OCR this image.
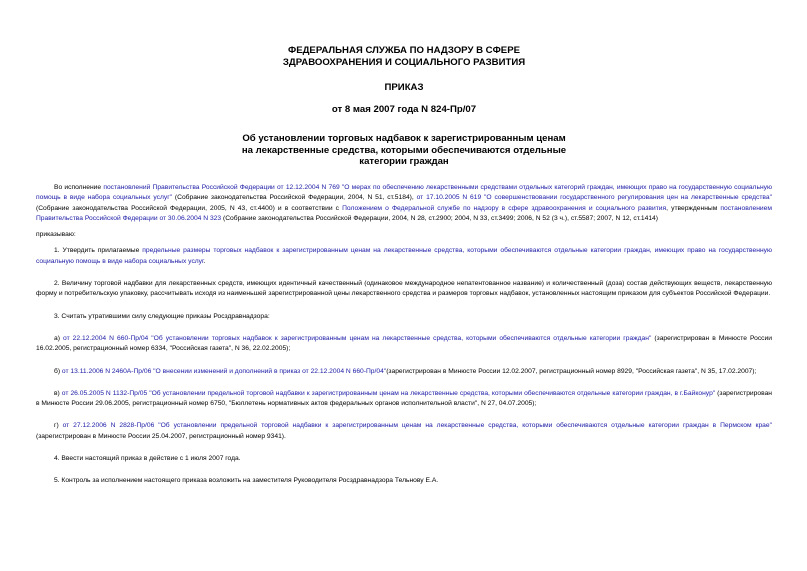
ФЕДЕРАЛЬНАЯ СЛУЖБА ПО НАДЗОРУ В СФЕРЕ
ЗДРАВООХРАНЕНИЯ И СОЦИАЛЬНОГО РАЗВИТИЯ
ПРИКАЗ
от 8 мая 2007 года N 824-Пр/07
Об установлении торговых надбавок к зарегистрированным ценам
на лекарственные средства, которыми обеспечиваются отдельные
категории граждан

Во исполнение постановлений Правительства Российской Федерации от 12.12.2004 N 769 "О мерах по обеспечению лекарственными средствами отдельных категорий граждан, имеющих право на государственную социальную помощь в виде набора социальных услуг" (Собрание законодательства Российской Федерации, 2004, N 51, ст.5184), от 17.10.2005 N 619 "О совершенствовании государственного регулирования цен на лекарственные средства" (Собрание законодательства Российской Федерации, 2005, N 43, ст.4400) и в соответствии с Положением о Федеральной службе по надзору в сфере здравоохранения и социального развития, утвержденным постановлением Правительства Российской Федерации от 30.06.2004 N 323 (Собрание законодательства Российской Федерации, 2004, N 28, ст.2900; 2004, N 33, ст.3499; 2006, N 52 (3 ч.), ст.5587; 2007, N 12, ст.1414)

приказываю:

1. Утвердить прилагаемые предельные размеры торговых надбавок к зарегистрированным ценам на лекарственные средства, которыми обеспечиваются отдельные категории граждан, имеющих право на государственную социальную помощь в виде набора социальных услуг.

2. Величину торговой надбавки для лекарственных средств, имеющих идентичный качественный (одинаковое международное непатентованное название) и количественный (доза) состав действующих веществ, лекарственную форму и потребительскую упаковку, рассчитывать исходя из наименьшей зарегистрированной цены лекарственного средства и размеров торговых надбавок, установленных настоящим приказом для субъектов Российской Федерации.

3. Считать утратившими силу следующие приказы Росздравнадзора:

а) от 22.12.2004 N 660-Пр/04 "Об установлении торговых надбавок к зарегистрированным ценам на лекарственные средства, которыми обеспечиваются отдельные категории граждан" (зарегистрирован в Минюсте России 16.02.2005, регистрационный номер 6334, "Российская газета", N 36, 22.02.2005);

б) от 13.11.2006 N 2460А-Пр/06 "О внесении изменений и дополнений в приказ от 22.12.2004 N 660-Пр/04"(зарегистрирован в Минюсте России 12.02.2007, регистрационный номер 8929, "Российская газета", N 35, 17.02.2007);

в) от 26.05.2005 N 1132-Пр/05 "Об установлении предельной торговой надбавки к зарегистрированным ценам на лекарственные средства, которыми обеспечиваются отдельные категории граждан, в г.Байконур" (зарегистрирован в Минюсте России 29.06.2005, регистрационный номер 6750, "Бюллетень нормативных актов федеральных органов исполнительной власти", N 27, 04.07.2005);

г) от 27.12.2006 N 2828-Пр/06 "Об установлении предельной торговой надбавки к зарегистрированным ценам на лекарственные средства, которыми обеспечиваются отдельные категории граждан в Пермском крае" (зарегистрирован в Минюсте России 25.04.2007, регистрационный номер 9341).

4. Ввести настоящий приказ в действие с 1 июля 2007 года.

5. Контроль за исполнением настоящего приказа возложить на заместителя Руководителя Росздравнадзора Тельнову Е.А.
